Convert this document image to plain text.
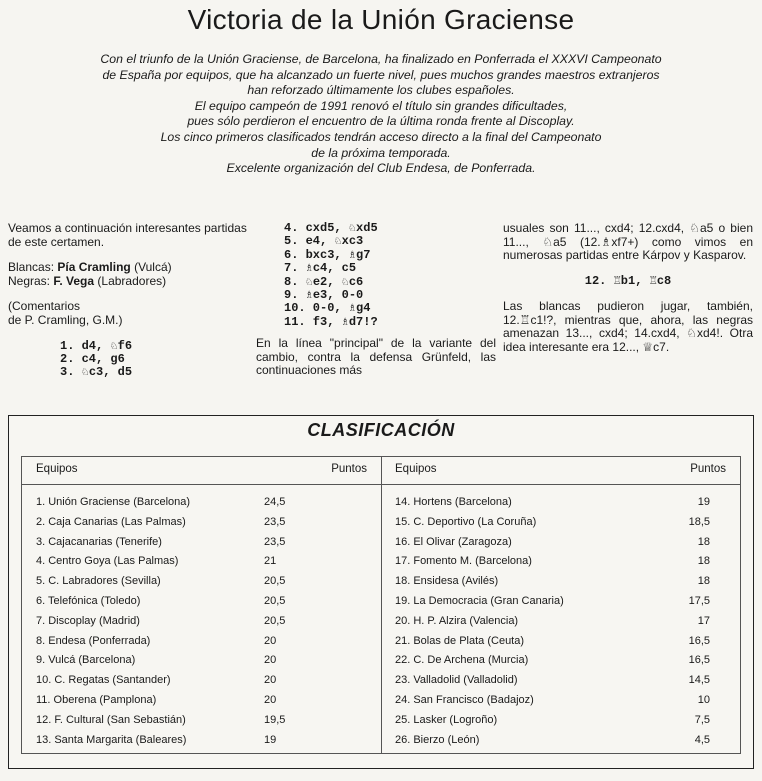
Victoria de la Unión Graciense
Con el triunfo de la Unión Graciense, de Barcelona, ha finalizado en Ponferrada el XXXVI Campeonato
de España por equipos, que ha alcanzado un fuerte nivel, pues muchos grandes maestros extranjeros
han reforzado últimamente los clubes españoles.
El equipo campeón de 1991 renovó el título sin grandes dificultades,
pues sólo perdieron el encuentro de la última ronda frente al Discoplay.
Los cinco primeros clasificados tendrán acceso directo a la final del Campeonato
de la próxima temporada.
Excelente organización del Club Endesa, de Ponferrada.

Veamos a continuación interesantes partidas de este certamen.

Blancas: Pía Cramling (Vulcá)

Negras: F. Vega (Labradores)

(Comentarios

de P. Cramling, G.M.)

1. d4, ♘f6
2. c4, g6
3. ♘c3, d5
4. cxd5, ♘xd5
5. e4, ♘xc3
6. bxc3, ♗g7
7. ♗c4, c5
8. ♘e2, ♘c6
9. ♗e3, 0-0
10. 0-0, ♗g4
11. f3, ♗d7!?

En la línea "principal" de la variante del cambio, contra la defensa Grünfeld, las continuaciones más

usuales son 11..., cxd4; 12.cxd4, ♘a5 o bien 11..., ♘a5 (12.♗xf7+) como vimos en numerosas partidas entre Kárpov y Kasparov.

12. ♖b1, ♖c8

Las blancas pudieron jugar, también, 12.♖c1!?, mientras que, ahora, las negras amenazan 13..., cxd4; 14.cxd4, ♘xd4!. Otra idea interesante era 12..., ♕c7.

CLASIFICACIÓN
Equipos	Puntos
1. Unión Graciense (Barcelona)	24,5
2. Caja Canarias (Las Palmas)	23,5
3. Cajacanarias (Tenerife)	23,5
4. Centro Goya (Las Palmas)	21
5. C. Labradores (Sevilla)	20,5
6. Telefónica (Toledo)	20,5
7. Discoplay (Madrid)	20,5
8. Endesa (Ponferrada)	20
9. Vulcá (Barcelona)	20
10. C. Regatas (Santander)	20
11. Oberena (Pamplona)	20
12. F. Cultural (San Sebastián)	19,5
13. Santa Margarita (Baleares)	19
Equipos	Puntos
14. Hortens (Barcelona)	19
15. C. Deportivo (La Coruña)	18,5
16. El Olivar (Zaragoza)	18
17. Fomento M. (Barcelona)	18
18. Ensidesa (Avilés)	18
19. La Democracia (Gran Canaria)	17,5
20. H. P. Alzira (Valencia)	17
21. Bolas de Plata (Ceuta)	16,5
22. C. De Archena (Murcia)	16,5
23. Valladolid (Valladolid)	14,5
24. San Francisco (Badajoz)	10
25. Lasker (Logroño)	7,5
26. Bierzo (León)	4,5
